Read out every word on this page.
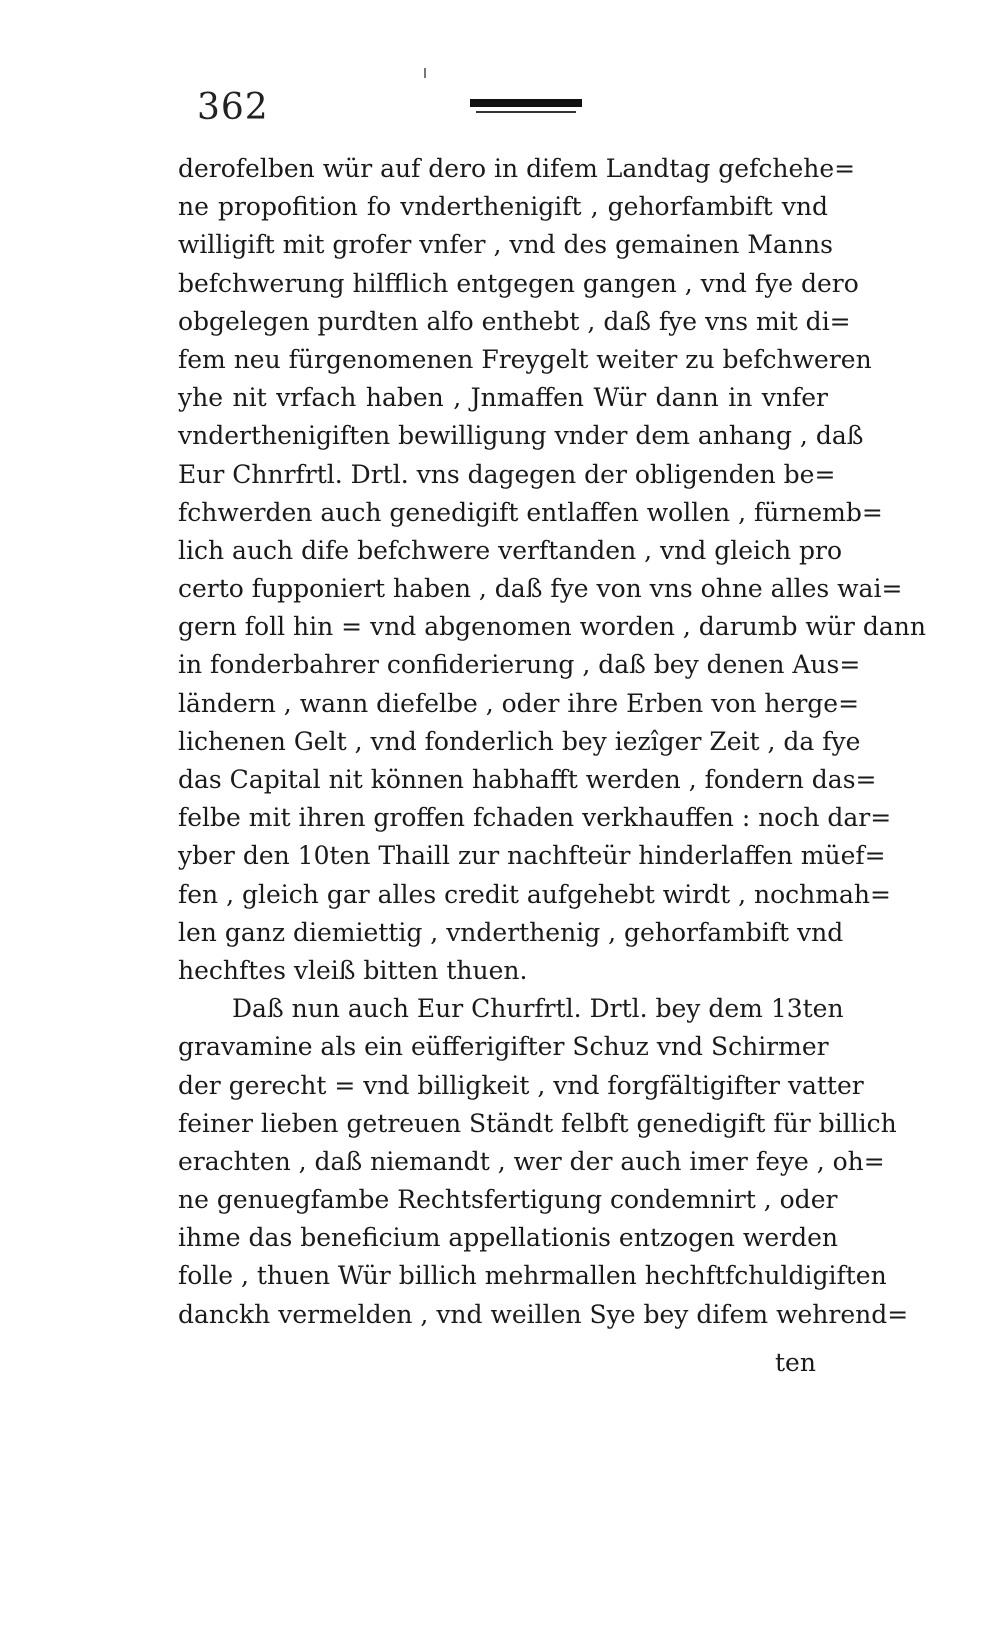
362
derofelben wür auf dero in difem Landtag gefchehe=
ne propofition fo vnderthenigift , gehorfambift vnd
willigift mit grofer vnfer , vnd des gemainen Manns
befchwerung hilfflich entgegen gangen , vnd fye dero
obgelegen purdten alfo enthebt , daß fye vns mit di=
fem neu fürgenomenen Freygelt weiter zu befchweren
yhe nit vrfach haben , Jnmaffen Wür dann in vnfer
vnderthenigiften bewilligung vnder dem anhang , daß
Eur Chnrfrtl. Drtl. vns dagegen der obligenden be=
fchwerden auch genedigift entlaffen wollen , fürnemb=
lich auch dife befchwere verftanden , vnd gleich pro
certo fupponiert haben , daß fye von vns ohne alles wai=
gern foll hin = vnd abgenomen worden , darumb wür dann
in fonderbahrer confiderierung , daß bey denen Aus=
ländern , wann diefelbe , oder ihre Erben von herge=
lichenen Gelt , vnd fonderlich bey iezîger Zeit , da fye
das Capital nit können habhafft werden , fondern das=
felbe mit ihren groffen fchaden verkhauffen : noch dar=
yber den 10ten Thaill zur nachfteür hinderlaffen müef=
fen , gleich gar alles credit aufgehebt wirdt , nochmah=
len ganz diemiettig , vnderthenig , gehorfambift vnd
hechftes vleiß bitten thuen.
Daß nun auch Eur Churfrtl. Drtl. bey dem 13ten
gravamine als ein eüfferigifter Schuz vnd Schirmer
der gerecht = vnd billigkeit , vnd forgfältigifter vatter
feiner lieben getreuen Ständt felbft genedigift für billich
erachten , daß niemandt , wer der auch imer feye , oh=
ne genuegfambe Rechtsfertigung condemnirt , oder
ihme das beneficium appellationis entzogen werden
folle , thuen Wür billich mehrmallen hechftfchuldigiften
danckh vermelden , vnd weillen Sye bey difem wehrend=
ten
